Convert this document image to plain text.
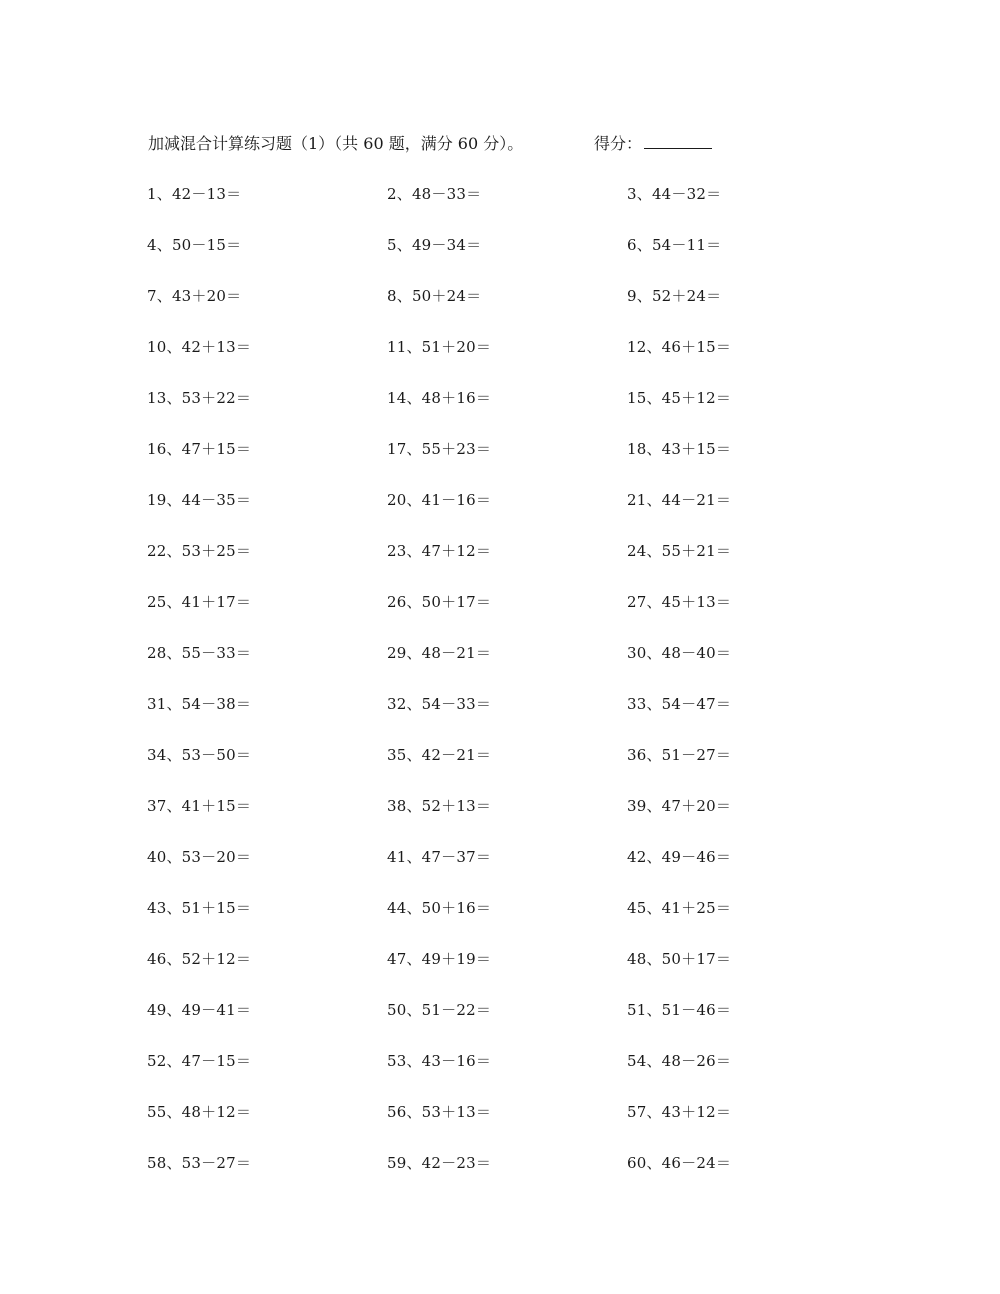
加减混合计算练习题（1）（共 60 题，满分 60 分）。	得分：
1、42－13＝	2、48－33＝	3、44－32＝
4、50－15＝	5、49－34＝	6、54－11＝
7、43＋20＝	8、50＋24＝	9、52＋24＝
10、42＋13＝	11、51＋20＝	12、46＋15＝
13、53＋22＝	14、48＋16＝	15、45＋12＝
16、47＋15＝	17、55＋23＝	18、43＋15＝
19、44－35＝	20、41－16＝	21、44－21＝
22、53＋25＝	23、47＋12＝	24、55＋21＝
25、41＋17＝	26、50＋17＝	27、45＋13＝
28、55－33＝	29、48－21＝	30、48－40＝
31、54－38＝	32、54－33＝	33、54－47＝
34、53－50＝	35、42－21＝	36、51－27＝
37、41＋15＝	38、52＋13＝	39、47＋20＝
40、53－20＝	41、47－37＝	42、49－46＝
43、51＋15＝	44、50＋16＝	45、41＋25＝
46、52＋12＝	47、49＋19＝	48、50＋17＝
49、49－41＝	50、51－22＝	51、51－46＝
52、47－15＝	53、43－16＝	54、48－26＝
55、48＋12＝	56、53＋13＝	57、43＋12＝
58、53－27＝	59、42－23＝	60、46－24＝
